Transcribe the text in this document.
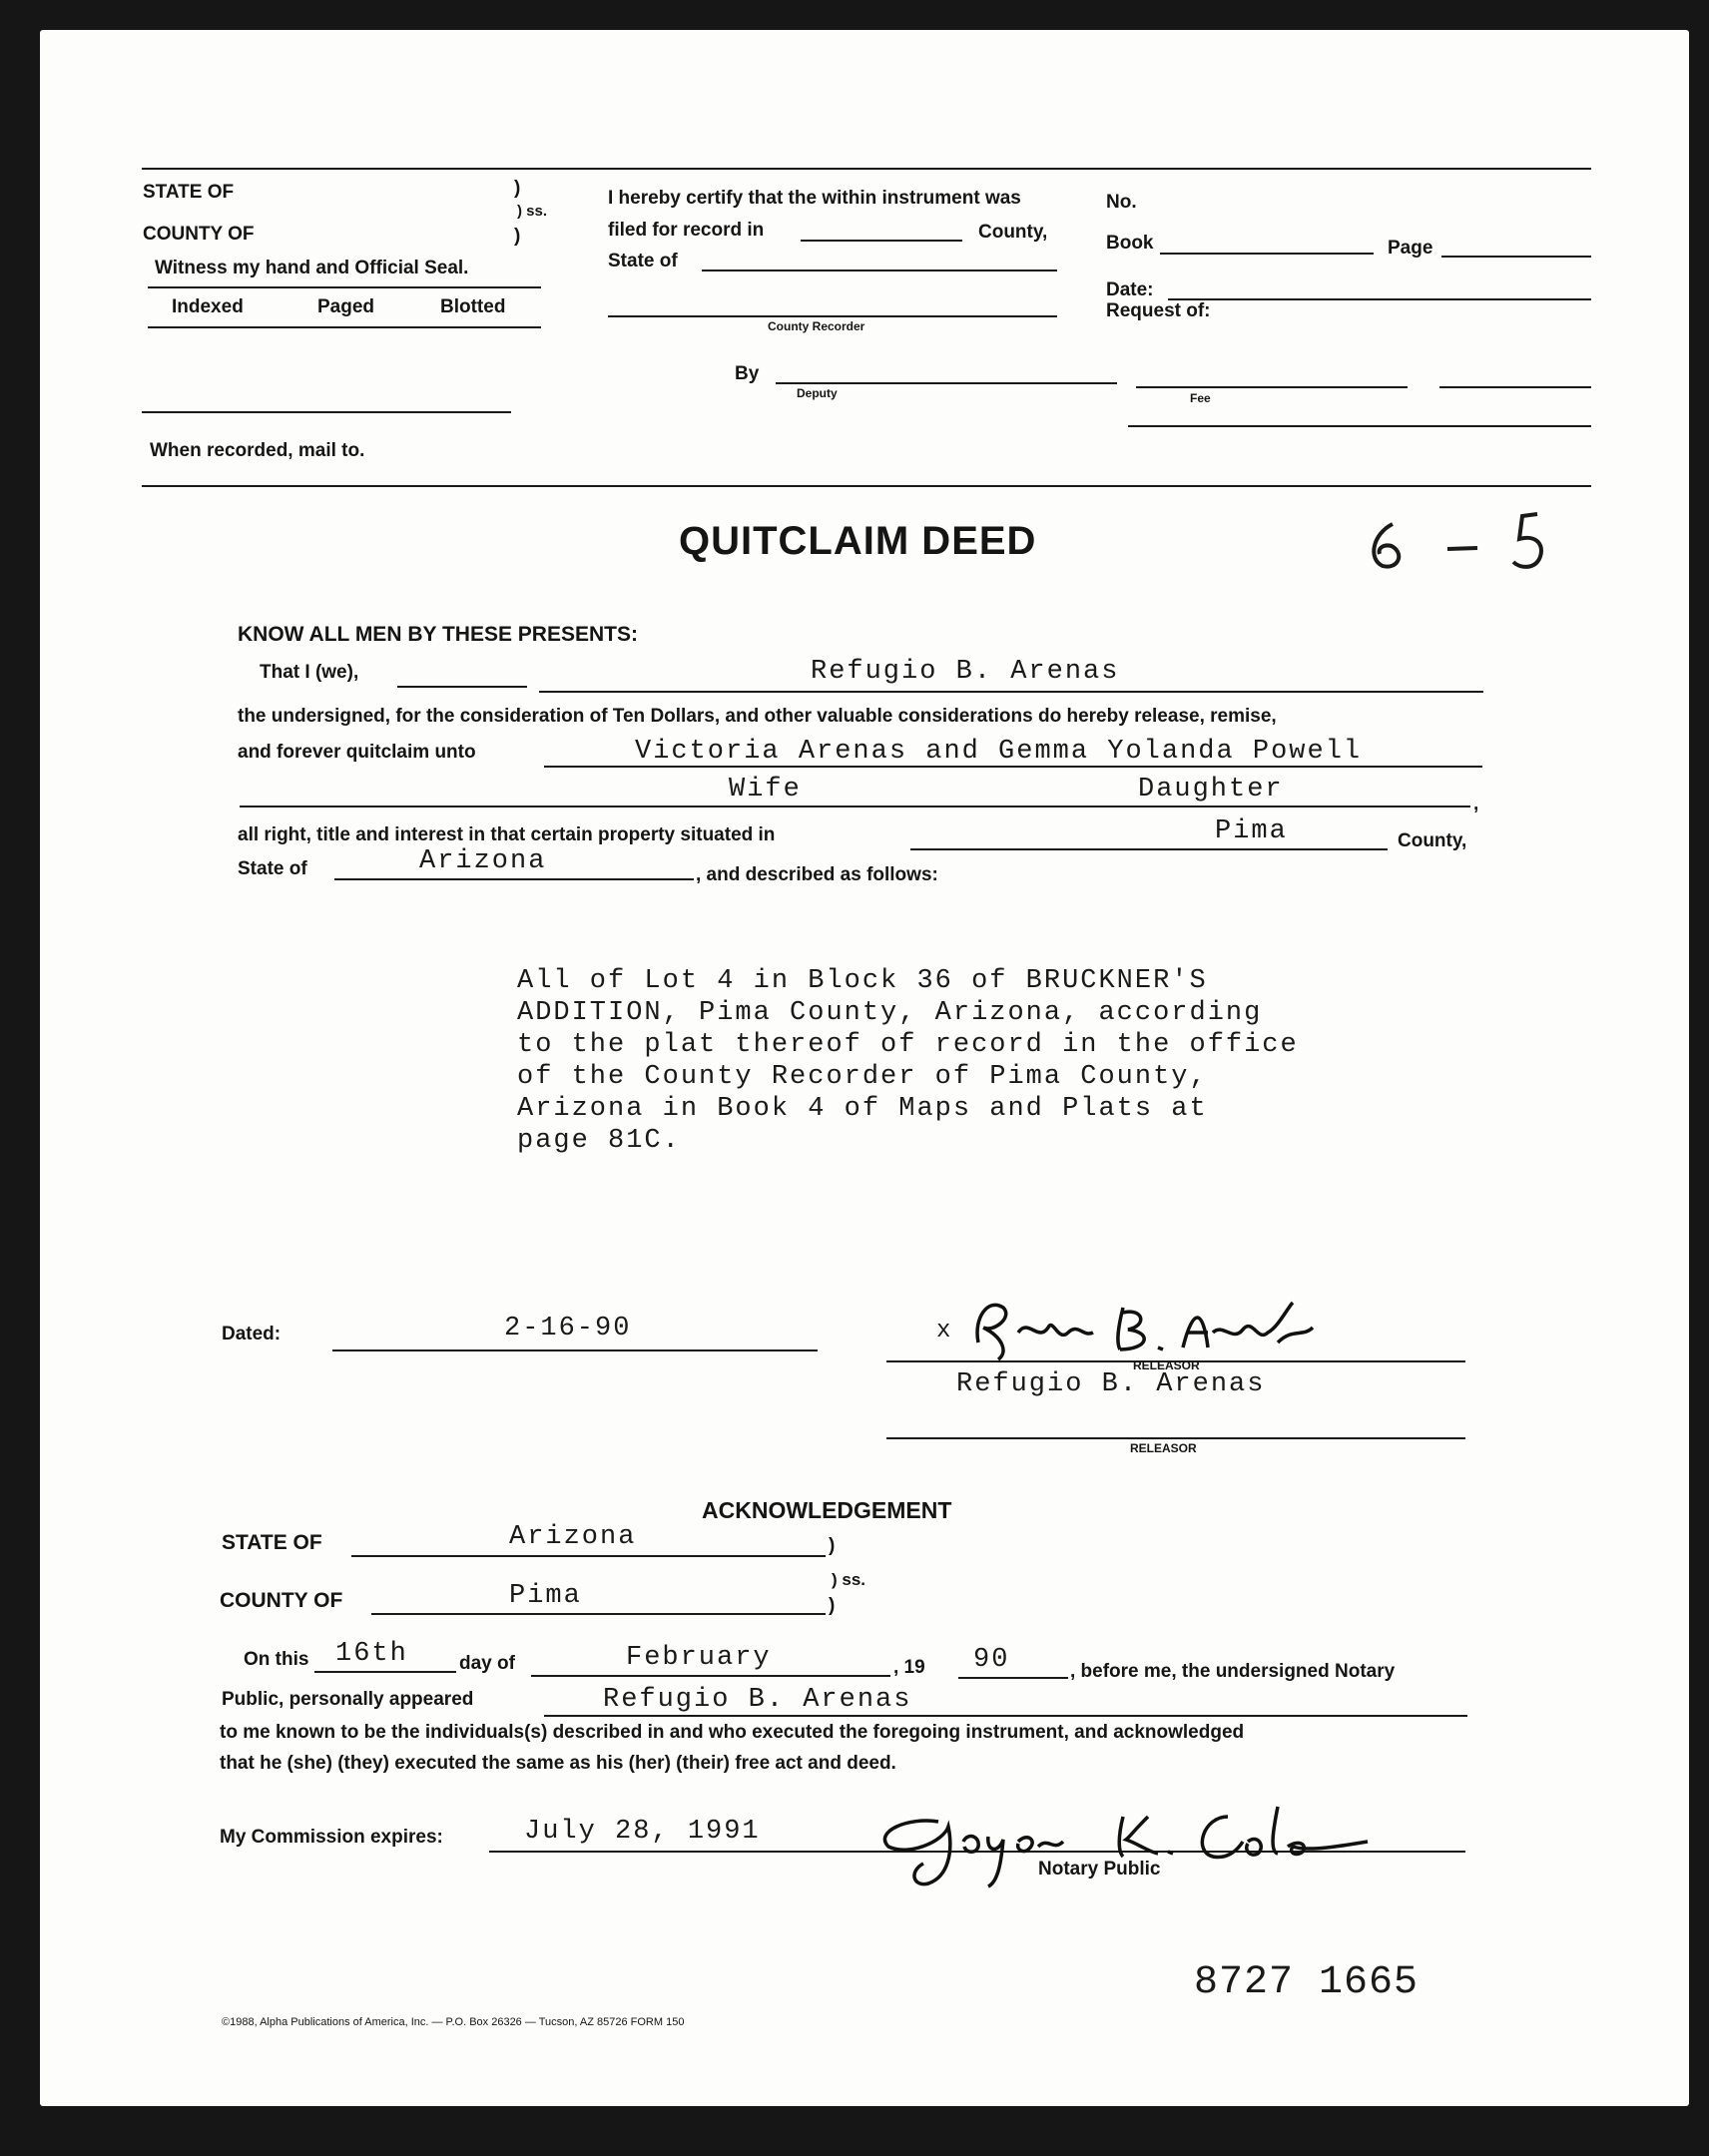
STATE OF	)
) ss.
)
COUNTY OF
Witness my hand and Official Seal.
Indexed	Paged	Blotted
I hereby certify that the within instrument was
filed for record in	County,
State of
County Recorder
By
Deputy	Fee
No.
Book	Page
Date:
Request of:
When recorded, mail to.
QUITCLAIM DEED
KNOW ALL MEN BY THESE PRESENTS:
That I (we),	Refugio B. Arenas
the undersigned, for the consideration of Ten Dollars, and other valuable considerations do hereby release, remise,
and forever quitclaim unto	Victoria Arenas and Gemma Yolanda Powell
Wife	Daughter	,
all right, title and interest in that certain property situated in	Pima	County,
State of	Arizona	, and described as follows:
All of Lot 4 in Block 36 of BRUCKNER'S
ADDITION, Pima County, Arizona, according
to the plat thereof of record in the office
of the County Recorder of Pima County,
Arizona in Book 4 of Maps and Plats at
page 81C.
Dated:	2-16-90	x
RELEASOR
Refugio B. Arenas
RELEASOR
ACKNOWLEDGEMENT
STATE OF	Arizona	)
) ss.
)
COUNTY OF	Pima
On this 16th	day of	February	, 19 90	, before me, the undersigned Notary
Public, personally appeared	Refugio B. Arenas
to me known to be the individuals(s) described in and who executed the foregoing instrument, and acknowledged
that he (she) (they) executed the same as his (her) (their) free act and deed.
My Commission expires:	July 28, 1991
Notary Public
8727 1665
©1988, Alpha Publications of America, Inc. — P.O. Box 26326 — Tucson, AZ 85726 FORM 150
